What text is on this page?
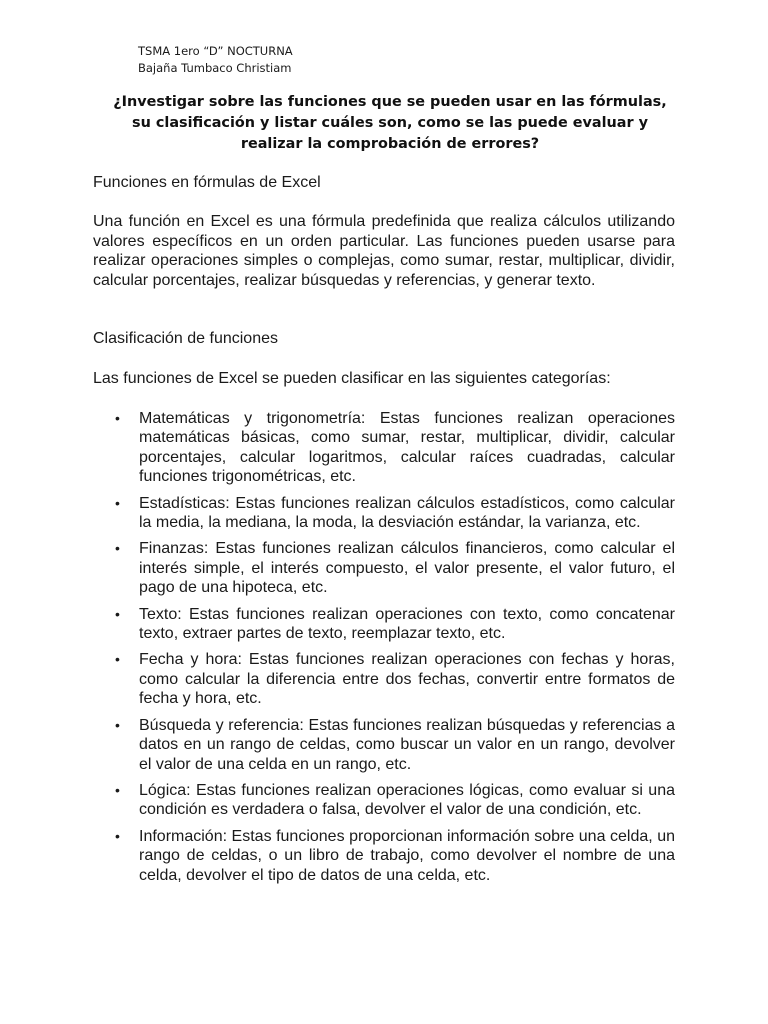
TSMA 1ero “D” NOCTURNA
Bajaña Tumbaco Christiam
¿Investigar sobre las funciones que se pueden usar en las fórmulas, su clasificación y listar cuáles son, como se las puede evaluar y realizar la comprobación de errores?
Funciones en fórmulas de Excel
Una función en Excel es una fórmula predefinida que realiza cálculos utilizando valores específicos en un orden particular. Las funciones pueden usarse para realizar operaciones simples o complejas, como sumar, restar, multiplicar, dividir, calcular porcentajes, realizar búsquedas y referencias, y generar texto.
Clasificación de funciones
Las funciones de Excel se pueden clasificar en las siguientes categorías:
• Matemáticas y trigonometría: Estas funciones realizan operaciones matemáticas básicas, como sumar, restar, multiplicar, dividir, calcular porcentajes, calcular logaritmos, calcular raíces cuadradas, calcular funciones trigonométricas, etc.
• Estadísticas: Estas funciones realizan cálculos estadísticos, como calcular la media, la mediana, la moda, la desviación estándar, la varianza, etc.
• Finanzas: Estas funciones realizan cálculos financieros, como calcular el interés simple, el interés compuesto, el valor presente, el valor futuro, el pago de una hipoteca, etc.
• Texto: Estas funciones realizan operaciones con texto, como concatenar texto, extraer partes de texto, reemplazar texto, etc.
• Fecha y hora: Estas funciones realizan operaciones con fechas y horas, como calcular la diferencia entre dos fechas, convertir entre formatos de fecha y hora, etc.
• Búsqueda y referencia: Estas funciones realizan búsquedas y referencias a datos en un rango de celdas, como buscar un valor en un rango, devolver el valor de una celda en un rango, etc.
• Lógica: Estas funciones realizan operaciones lógicas, como evaluar si una condición es verdadera o falsa, devolver el valor de una condición, etc.
• Información: Estas funciones proporcionan información sobre una celda, un rango de celdas, o un libro de trabajo, como devolver el nombre de una celda, devolver el tipo de datos de una celda, etc.
